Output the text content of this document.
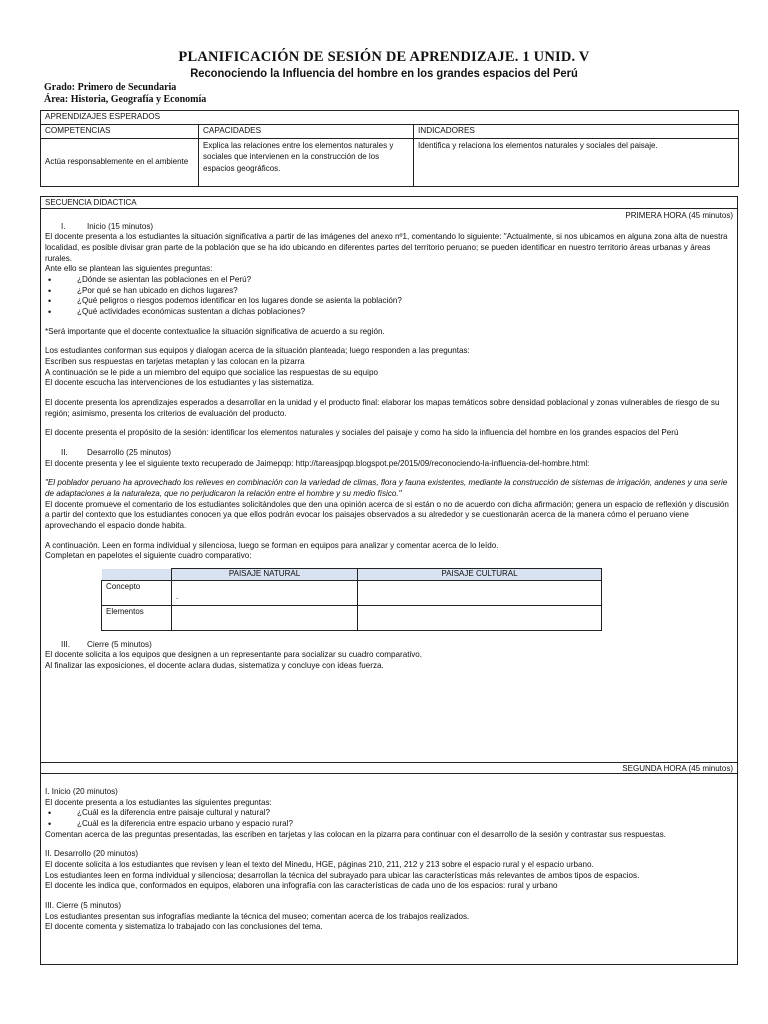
PLANIFICACIÓN DE SESIÓN DE APRENDIZAJE. 1 UNID. V
Reconociendo la Influencia del hombre en los grandes espacios del Perú
Grado: Primero de Secundaria
Área: Historia, Geografía y Economía
APRENDIZAJES ESPERADOS		
COMPETENCIAS	CAPACIDADES	INDICADORES
Actúa responsablemente en el ambiente	Explica las relaciones entre los elementos naturales y sociales que intervienen en la construcción de los espacios geográficos.	Identifica y relaciona los elementos naturales y sociales del paisaje.
SECUENCIA DIDACTICA
PRIMERA HORA (45 minutos)
I.	Inicio (15 minutos)

El docente presenta a los estudiantes la situación significativa a partir de las imágenes del anexo nº1, comentando lo siguiente: "Actualmente, si nos ubicamos en alguna zona alta de nuestra localidad, es posible divisar gran parte de la población que se ha ido ubicando en diferentes partes del territorio peruano; se pueden identificar en nuestro territorio áreas urbanas y áreas rurales.

Ante ello se plantean las siguientes preguntas:

• ¿Dónde se asientan las poblaciones en el Perú?
• ¿Por qué se han ubicado en dichos lugares?
• ¿Qué peligros o riesgos podemos identificar en los lugares donde se asienta la población?
• ¿Qué actividades económicas sustentan a dichas poblaciones?

*Será importante que el docente contextualice la situación significativa de acuerdo a su región.

Los estudiantes conforman sus equipos y dialogan acerca de la situación planteada; luego responden a las preguntas:

Escriben sus respuestas en tarjetas metaplan y las colocan en la pizarra

A continuación se le pide a un miembro del equipo que socialice las respuestas de su equipo

El docente escucha las intervenciones de los estudiantes y las sistematiza.

El docente presenta los aprendizajes esperados a desarrollar en la unidad y el producto final: elaborar los mapas temáticos sobre densidad poblacional y zonas vulnerables de riesgo de su región; asimismo, presenta los criterios de evaluación del producto.

El docente presenta el propósito de la sesión: identificar los elementos naturales y sociales del paisaje y como ha sido la influencia del hombre en los grandes espacios del Perú

II. Desarrollo (25 minutos)

El docente presenta y lee el siguiente texto recuperado de Jaimepqp: http://tareasjpqp.blogspot.pe/2015/09/reconociendo-la-influencia-del-hombre.html:

"El poblador peruano ha aprovechado los relieves en combinación con la variedad de climas, flora y fauna existentes, mediante la construcción de sistemas de irrigación, andenes y una serie de adaptaciones a la naturaleza, que no perjudicaron la relación entre el hombre y su medio físico."

El docente promueve el comentario de los estudiantes solicitándoles que den una opinión acerca de si están o no de acuerdo con dicha afirmación; genera un espacio de reflexión y discusión a partir del contexto que los estudiantes conocen ya que ellos podrán evocar los paisajes observados a su alrededor y se cuestionarán acerca de la manera cómo el peruano viene aprovechando el espacio donde habita.

A continuación. Leen en forma individual y silenciosa, luego se forman en equipos para analizar y comentar acerca de lo leído.

Completan en papelotes el siguiente cuadro comparativo:

	PAISAJE NATURAL	PAISAJE CULTURAL
Concepto	.	
Elementos		
III. Cierre (5 minutos)

El docente solicita a los equipos que designen a un representante para socializar su cuadro comparativo.

Al finalizar las exposiciones, el docente aclara dudas, sistematiza y concluye con ideas fuerza.

SEGUNDA HORA (45 minutos)

I. Inicio (20 minutos)

El docente presenta a los estudiantes las siguientes preguntas:

• ¿Cuál es la diferencia entre paisaje cultural y natural?
• ¿Cuál es la diferencia entre espacio urbano y espacio rural?

Comentan acerca de las preguntas presentadas, las escriben en tarjetas y las colocan en la pizarra para continuar con el desarrollo de la sesión y contrastar sus respuestas.

II. Desarrollo (20 minutos)

El docente solicita a los estudiantes que revisen y lean el texto del Minedu, HGE, páginas 210, 211, 212 y 213 sobre el espacio rural y el espacio urbano.

Los estudiantes leen en forma individual y silenciosa; desarrollan la técnica del subrayado para ubicar las características más relevantes de ambos tipos de espacios.

El docente les indica que, conformados en equipos, elaboren una infografía con las características de cada uno de los espacios: rural y urbano

III. Cierre (5 minutos)

Los estudiantes presentan sus infografías mediante la técnica del museo; comentan acerca de los trabajos realizados.

El docente comenta y sistematiza lo trabajado con las conclusiones del tema.
